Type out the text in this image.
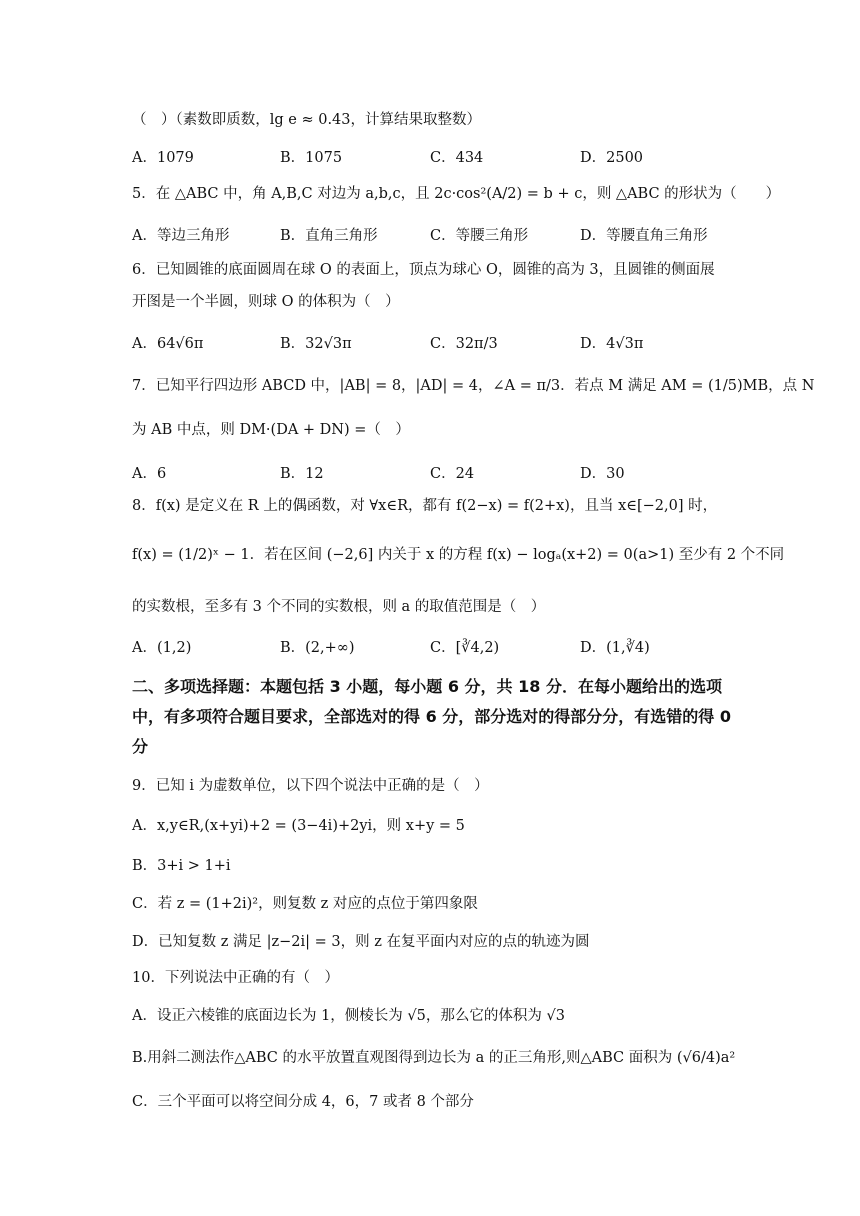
（　）（素数即质数，lg e ≈ 0.43，计算结果取整数）
A．1079	B．1075	C．434	D．2500
5．在 △ABC 中，角 A,B,C 对边为 a,b,c，且 2c·cos²(A/2) = b + c，则 △ABC 的形状为（　　）
A．等边三角形	B．直角三角形	C．等腰三角形	D．等腰直角三角形
6．已知圆锥的底面圆周在球 O 的表面上，顶点为球心 O，圆锥的高为 3，且圆锥的侧面展
开图是一个半圆，则球 O 的体积为（　）
A．64√6π	B．32√3π	C．32π/3	D．4√3π
7．已知平行四边形 ABCD 中，|AB| = 8，|AD| = 4，∠A = π/3．若点 M 满足 AM = (1/5)MB，点 N
为 AB 中点，则 DM·(DA + DN) =（　）
A．6	B．12	C．24	D．30
8．f(x) 是定义在 R 上的偶函数，对 ∀x∈R，都有 f(2−x) = f(2+x)，且当 x∈[−2,0] 时，
f(x) = (1/2)ˣ − 1．若在区间 (−2,6] 内关于 x 的方程 f(x) − logₐ(x+2) = 0(a>1) 至少有 2 个不同
的实数根，至多有 3 个不同的实数根，则 a 的取值范围是（　）
A．(1,2)	B．(2,+∞)	C．[∛4,2)	D．(1,∛4)
二、多项选择题：本题包括 3 小题，每小题 6 分，共 18 分．在每小题给出的选项中，有多项符合题目要求，全部选对的得 6 分，部分选对的得部分分，有选错的得 0 分
9．已知 i 为虚数单位，以下四个说法中正确的是（　）
A．x,y∈R,(x+yi)+2 = (3−4i)+2yi，则 x+y = 5
B．3+i > 1+i
C．若 z = (1+2i)²，则复数 z 对应的点位于第四象限
D．已知复数 z 满足 |z−2i| = 3，则 z 在复平面内对应的点的轨迹为圆
10．下列说法中正确的有（　）
A．设正六棱锥的底面边长为 1，侧棱长为 √5，那么它的体积为 √3
B.用斜二测法作△ABC 的水平放置直观图得到边长为 a 的正三角形,则△ABC 面积为 (√6/4)a²
C．三个平面可以将空间分成 4，6，7 或者 8 个部分
